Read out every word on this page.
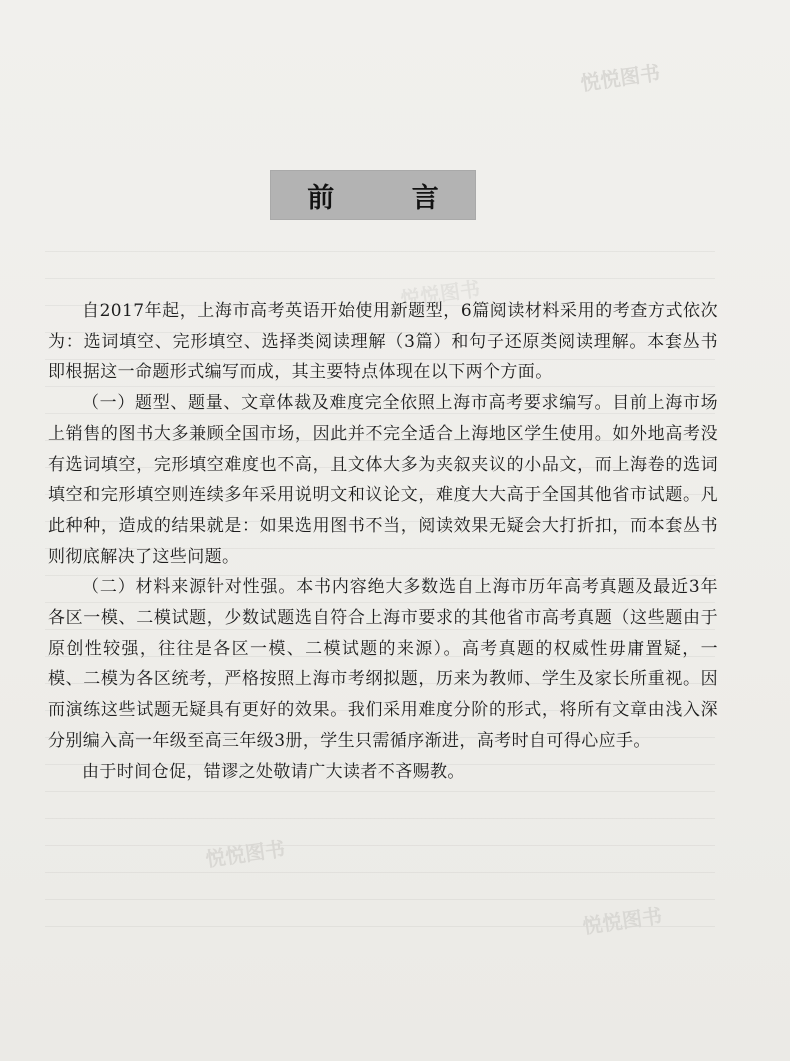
悦悦图书
悦悦图书
悦悦图书
悦悦图书
前 言

自2017年起，上海市高考英语开始使用新题型，6篇阅读材料采用的考查方式依次为：选词填空、完形填空、选择类阅读理解（3篇）和句子还原类阅读理解。本套丛书即根据这一命题形式编写而成，其主要特点体现在以下两个方面。

（一）题型、题量、文章体裁及难度完全依照上海市高考要求编写。目前上海市场上销售的图书大多兼顾全国市场，因此并不完全适合上海地区学生使用。如外地高考没有选词填空，完形填空难度也不高，且文体大多为夹叙夹议的小品文，而上海卷的选词填空和完形填空则连续多年采用说明文和议论文，难度大大高于全国其他省市试题。凡此种种，造成的结果就是：如果选用图书不当，阅读效果无疑会大打折扣，而本套丛书则彻底解决了这些问题。

（二）材料来源针对性强。本书内容绝大多数选自上海市历年高考真题及最近3年各区一模、二模试题，少数试题选自符合上海市要求的其他省市高考真题（这些题由于原创性较强，往往是各区一模、二模试题的来源）。高考真题的权威性毋庸置疑，一模、二模为各区统考，严格按照上海市考纲拟题，历来为教师、学生及家长所重视。因而演练这些试题无疑具有更好的效果。我们采用难度分阶的形式，将所有文章由浅入深分别编入高一年级至高三年级3册，学生只需循序渐进，高考时自可得心应手。

由于时间仓促，错谬之处敬请广大读者不吝赐教。
